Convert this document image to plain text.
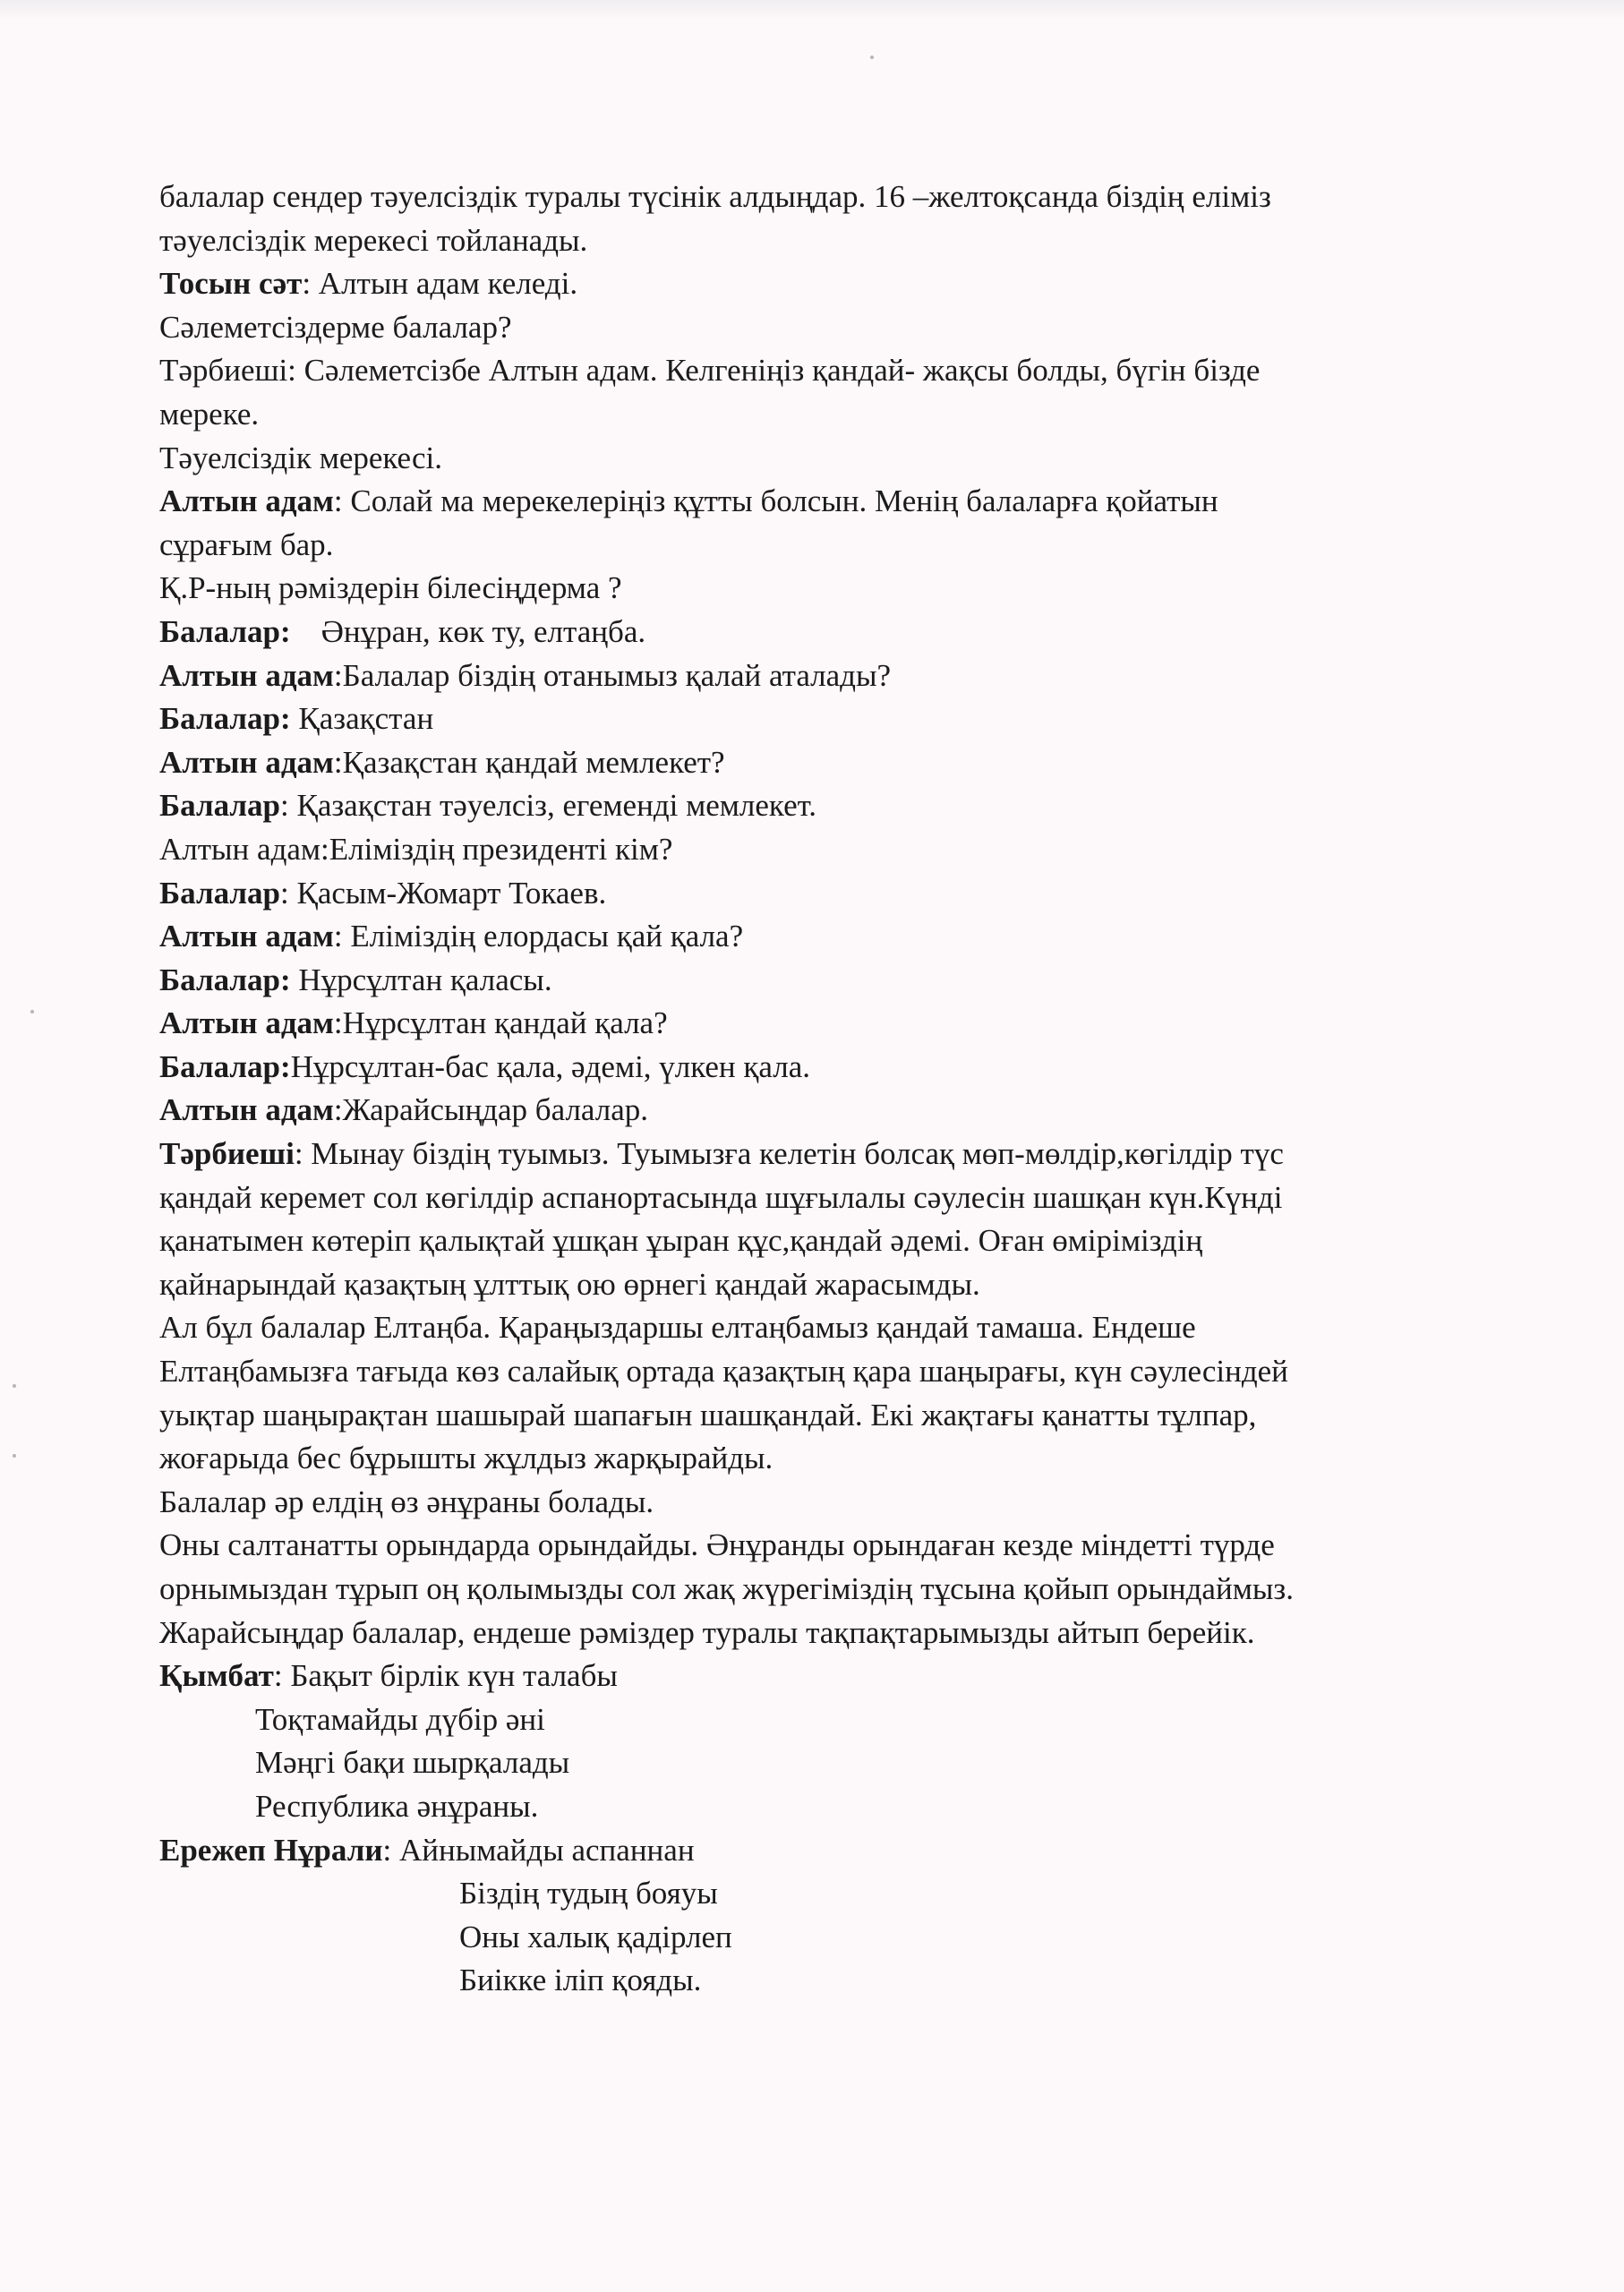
балалар сендер тәуелсіздік туралы түсінік алдыңдар. 16 –желтоқсанда біздің еліміз
тәуелсіздік мерекесі тойланады.
Тосын сәт: Алтын адам келеді.
Сәлеметсіздерме балалар?
Тәрбиеші: Сәлеметсізбе Алтын адам. Келгеніңіз қандай- жақсы болды, бүгін бізде
мереке.
Тәуелсіздік мерекесі.
Алтын адам: Солай ма мерекелеріңіз құтты болсын. Менің балаларға қойатын
сұрағым бар.
Қ.Р-ның рәміздерін білесіңдерма ?
Балалар: Әнұран, көк ту, елтаңба.
Алтын адам:Балалар біздің отанымыз қалай аталады?
Балалар: Қазақстан
Алтын адам:Қазақстан қандай мемлекет?
Балалар: Қазақстан тәуелсіз, егеменді мемлекет.
Алтын адам:Еліміздің президенті кім?
Балалар: Қасым-Жомарт Токаев.
Алтын адам: Еліміздің елордасы қай қала?
Балалар: Нұрсұлтан қаласы.
Алтын адам:Нұрсұлтан қандай қала?
Балалар:Нұрсұлтан-бас қала, әдемі, үлкен қала.
Алтын адам:Жарайсыңдар балалар.
Тәрбиеші: Мынау біздің туымыз. Туымызға келетін болсақ мөп-мөлдір,көгілдір түс
қандай керемет сол көгілдір аспанортасында шұғылалы сәулесін шашқан күн.Күнді
қанатымен көтеріп қалықтай ұшқан ұыран құс,қандай әдемі. Оған өміріміздің
қайнарындай қазақтың ұлттық ою өрнегі қандай жарасымды.
Ал бұл балалар Елтаңба. Қараңыздаршы елтаңбамыз қандай тамаша. Ендеше
Елтаңбамызға тағыда көз салайық ортада қазақтың қара шаңырағы, күн сәулесіндей
уықтар шаңырақтан шашырай шапағын шашқандай. Екі жақтағы қанатты тұлпар,
жоғарыда бес бұрышты жұлдыз жарқырайды.
Балалар әр елдің өз әнұраны болады.
Оны салтанатты орындарда орындайды. Әнұранды орындаған кезде міндетті түрде
орнымыздан тұрып оң қолымызды сол жақ жүрегіміздің тұсына қойып орындаймыз.
Жарайсыңдар балалар, ендеше рәміздер туралы тақпақтарымызды айтып берейік.
Қымбат: Бақыт бірлік күн талабы
Тоқтамайды дүбір әні
Мәңгі бақи шырқалады
Республика әнұраны.
Ережеп Нұрали: Айнымайды аспаннан
Біздің тудың бояуы
Оны халық қадірлеп
Биікке іліп қояды.
